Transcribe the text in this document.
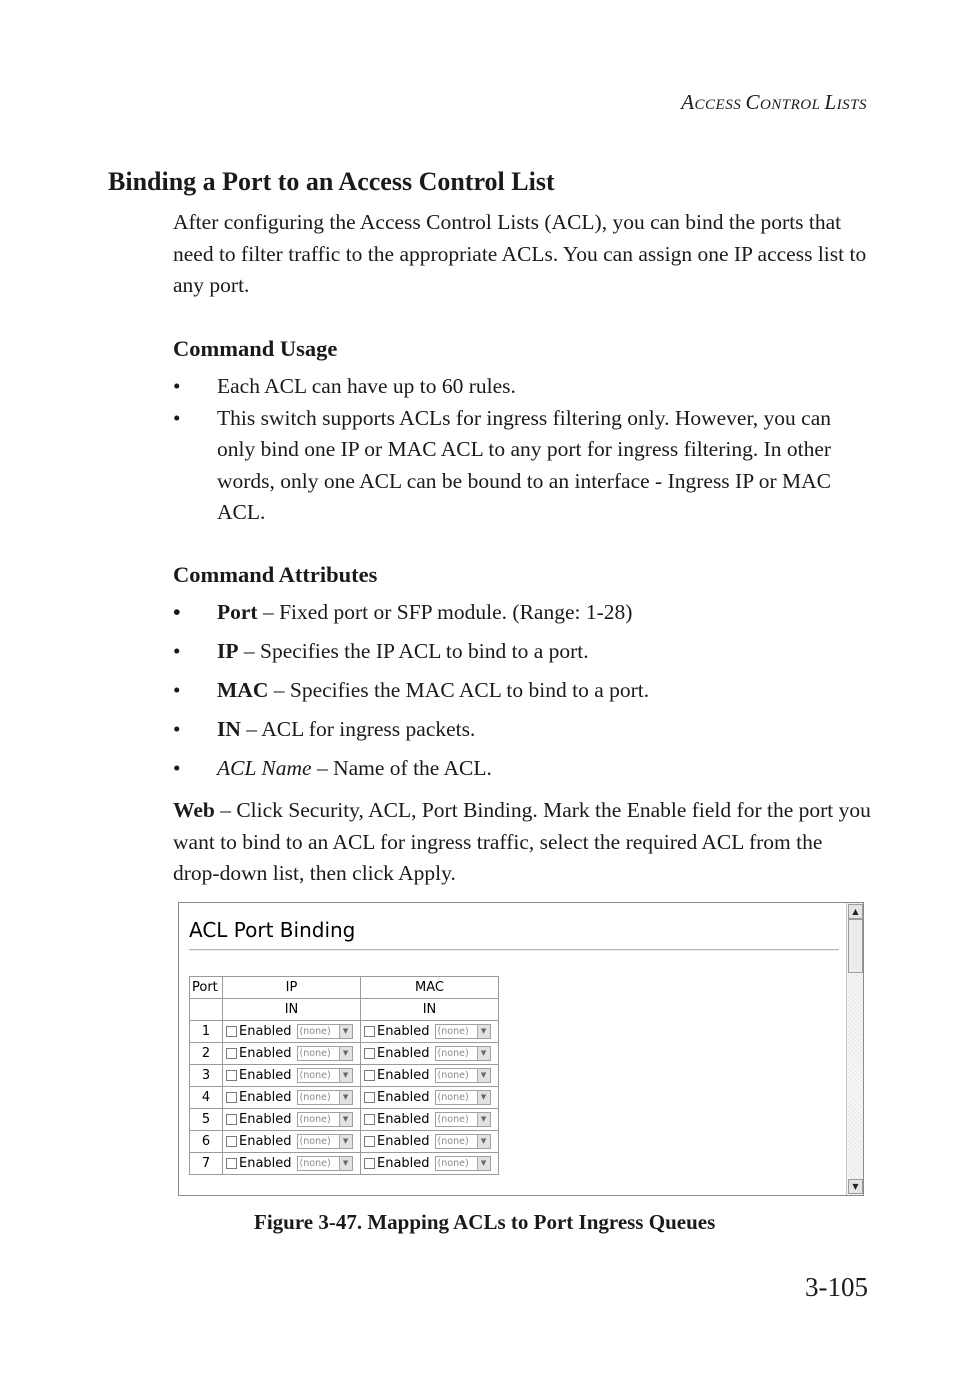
ACCESS CONTROL LISTS
Binding a Port to an Access Control List
After configuring the Access Control Lists (ACL), you can bind the ports that need to filter traffic to the appropriate ACLs. You can assign one IP access list to any port.
Command Usage
• Each ACL can have up to 60 rules.
• This switch supports ACLs for ingress filtering only. However, you can only bind one IP or MAC ACL to any port for ingress filtering. In other words, only one ACL can be bound to an interface - Ingress IP or MAC ACL.
Command Attributes
• Port – Fixed port or SFP module. (Range: 1-28)
• IP – Specifies the IP ACL to bind to a port.
• MAC – Specifies the MAC ACL to bind to a port.
• IN – ACL for ingress packets.
• ACL Name – Name of the ACL.
Web – Click Security, ACL, Port Binding. Mark the Enable field for the port you want to bind to an ACL for ingress traffic, select the required ACL from the drop-down list, then click Apply.
ACL Port Binding
Port	IP	MAC
	IN	IN
1	Enabled (none) ▼	Enabled (none) ▼

2	Enabled (none) ▼	Enabled (none) ▼

3	Enabled (none) ▼	Enabled (none) ▼

4	Enabled (none) ▼	Enabled (none) ▼

5	Enabled (none) ▼	Enabled (none) ▼

6	Enabled (none) ▼	Enabled (none) ▼

7	Enabled (none) ▼	Enabled (none) ▼
▲
▼
Figure 3-47. Mapping ACLs to Port Ingress Queues
3-105
